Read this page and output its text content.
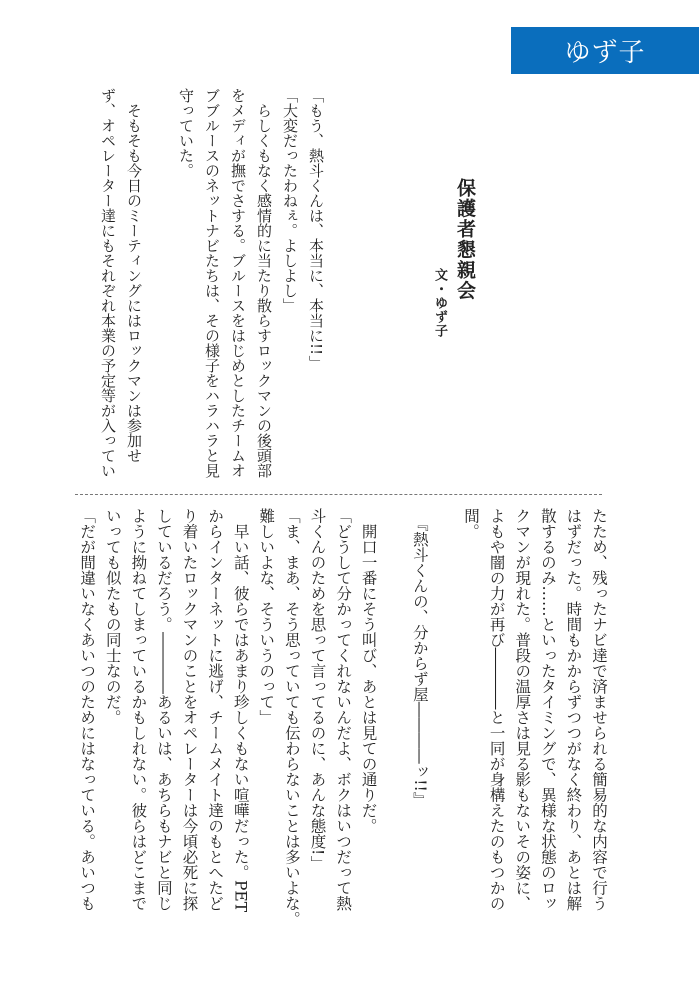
ゆず子
保護者懇親会
文・ゆず子
「もう、熱斗くんは、本当に、本当に!!」
「大変だったわねぇ。よしよし」
　らしくもなく感情的に当たり散らすロックマンの後頭部
をメディが撫でさする。ブルースをはじめとしたチームオ
ブブルースのネットナビたちは、その様子をハラハラと見
守っていた。
　そもそも今日のミーティングにはロックマンは参加せ
ず、オペレーター達にもそれぞれ本業の予定等が入ってい
たため、残ったナビ達で済ませられる簡易的な内容で行う
はずだった。時間もかからずつつがなく終わり、あとは解
散するのみ……といったタイミングで、異様な状態のロッ
クマンが現れた。普段の温厚さは見る影もないその姿に、
よもや闇の力が再び――――と一同が身構えたのもつかの
間。
　『熱斗くんの、分からず屋――――ッ!!』
　開口一番にそう叫び、あとは見ての通りだ。
「どうして分かってくれないんだよ、ボクはいつだって熱
斗くんのためを思って言ってるのに、あんな態度!」
「ま、まあ、そう思っていても伝わらないことは多いよな。
難しいよな、そういうのって」
　早い話、彼らではあまり珍しくもない喧嘩だった。PET
からインターネットに逃げ、チームメイト達のもとへたど
り着いたロックマンのことをオペレーターは今頃必死に探
しているだろう。――――あるいは、あちらもナビと同じ
ように拗ねてしまっているかもしれない。彼らはどこまで
いっても似たもの同士なのだ。
「だが間違いなくあいつのためにはなっている。あいつも
